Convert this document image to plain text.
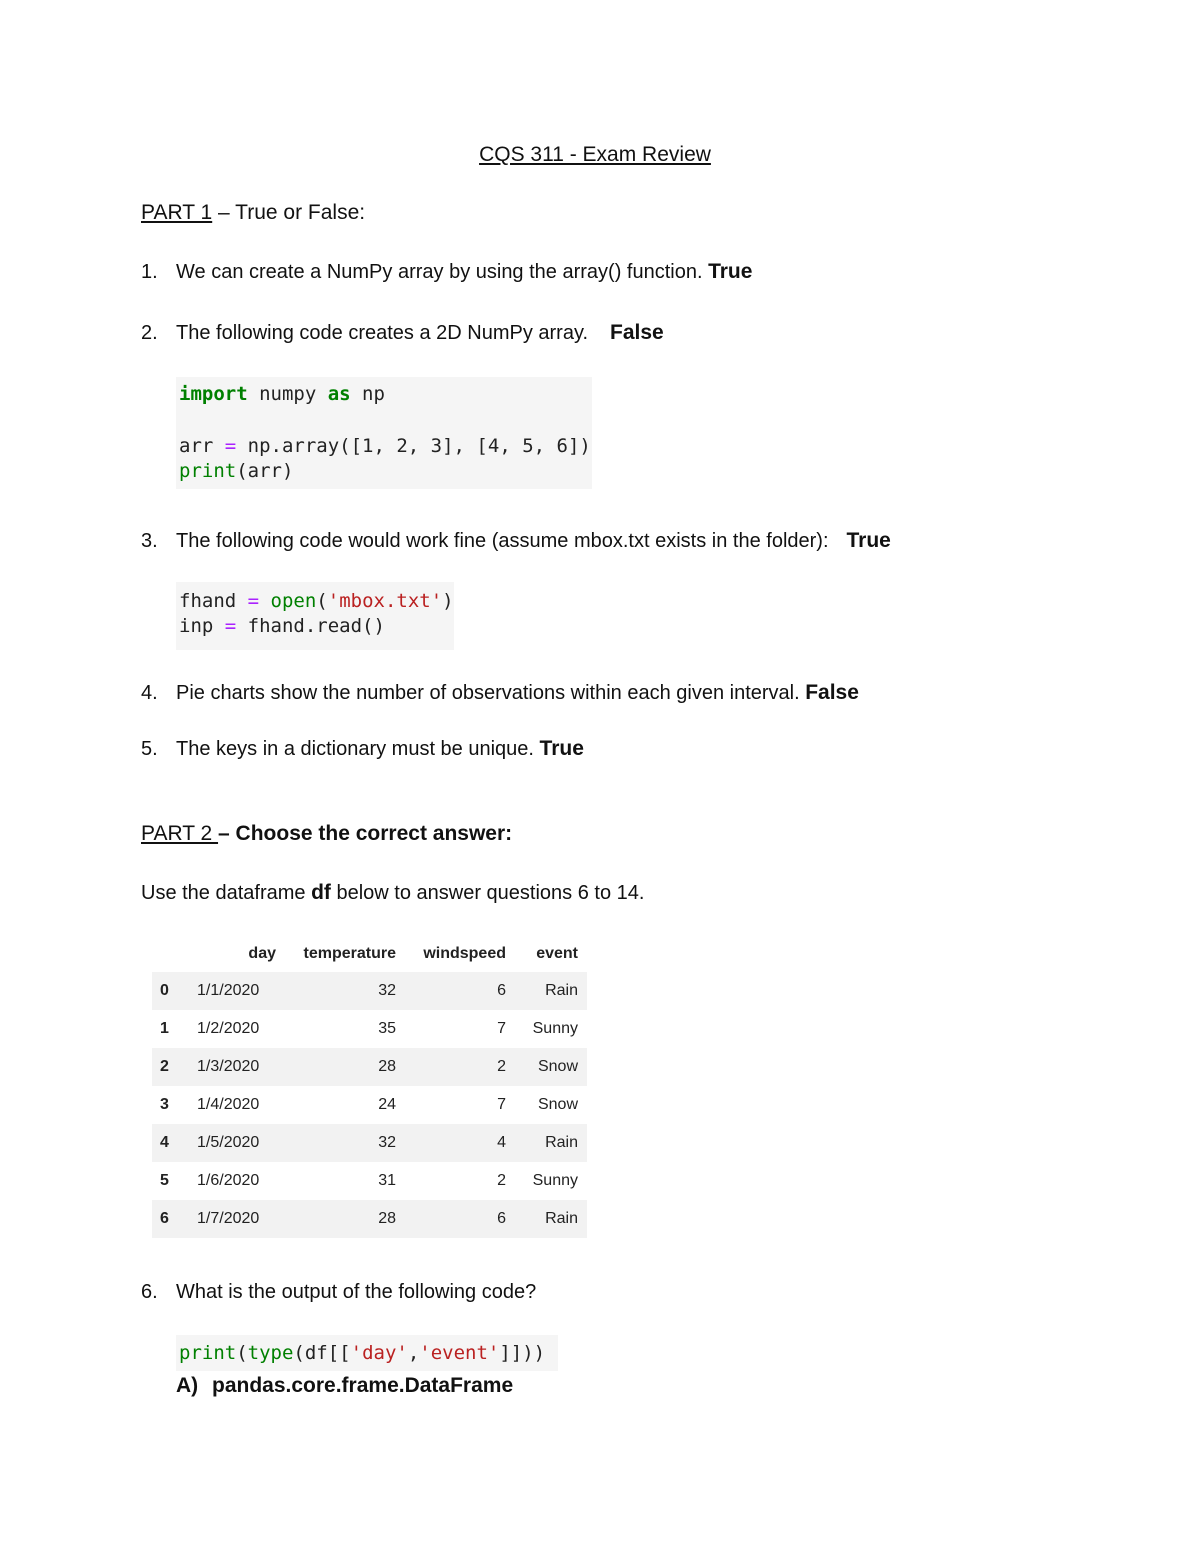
CQS 311 - Exam Review
PART 1 – True or False:
1. We can create a NumPy array by using the array() function. True
2. The following code creates a 2D NumPy array. False
import numpy as np
arr = np.array([1, 2, 3], [4, 5, 6])
print(arr)
3. The following code would work fine (assume mbox.txt exists in the folder): True
fhand = open('mbox.txt')
inp = fhand.read()
4. Pie charts show the number of observations within each given interval. False
5. The keys in a dictionary must be unique. True
PART 2 – Choose the correct answer:
Use the dataframe df below to answer questions 6 to 14.
	day	temperature	windspeed	event
0	1/1/2020	32	6	Rain
1	1/2/2020	35	7	Sunny
2	1/3/2020	28	2	Snow
3	1/4/2020	24	7	Snow
4	1/5/2020	32	4	Rain
5	1/6/2020	31	2	Sunny
6	1/7/2020	28	6	Rain
6. What is the output of the following code?
print(type(df[['day','event']]))
A) pandas.core.frame.DataFrame
